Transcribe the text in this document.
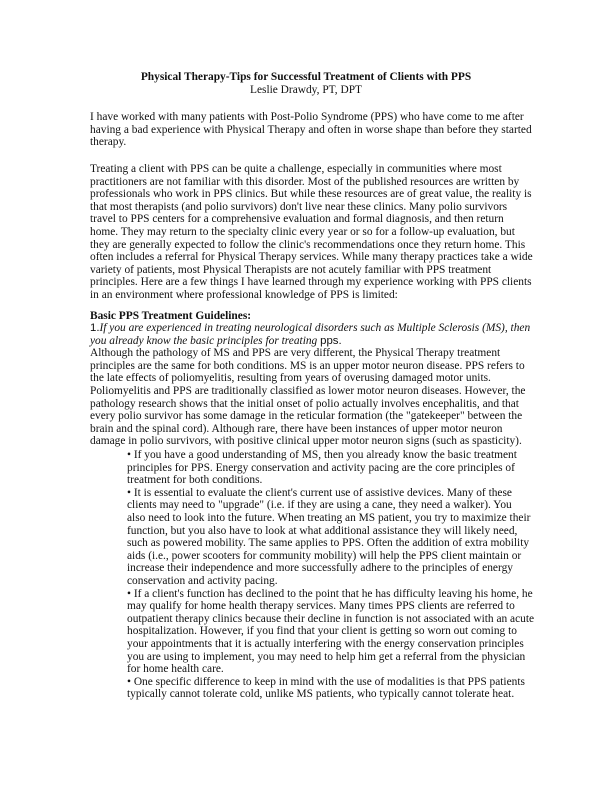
Physical Therapy-Tips for Successful Treatment of Clients with PPS
Leslie Drawdy, PT, DPT
I have worked with many patients with Post-Polio Syndrome (PPS) who have come to me after
having a bad experience with Physical Therapy and often in worse shape than before they started
therapy.
Treating a client with PPS can be quite a challenge, especially in communities where most
practitioners are not familiar with this disorder. Most of the published resources are written by
professionals who work in PPS clinics. But while these resources are of great value, the reality is
that most therapists (and polio survivors) don't live near these clinics. Many polio survivors
travel to PPS centers for a comprehensive evaluation and formal diagnosis, and then return
home. They may return to the specialty clinic every year or so for a follow-up evaluation, but
they are generally expected to follow the clinic's recommendations once they return home. This
often includes a referral for Physical Therapy services. While many therapy practices take a wide
variety of patients, most Physical Therapists are not acutely familiar with PPS treatment
principles. Here are a few things I have learned through my experience working with PPS clients
in an environment where professional knowledge of PPS is limited:
Basic PPS Treatment Guidelines:
1.If you are experienced in treating neurological disorders such as Multiple Sclerosis (MS), then
you already know the basic principles for treating pps.
Although the pathology of MS and PPS are very different, the Physical Therapy treatment
principles are the same for both conditions. MS is an upper motor neuron disease. PPS refers to
the late effects of poliomyelitis, resulting from years of overusing damaged motor units.
Poliomyelitis and PPS are traditionally classified as lower motor neuron diseases. However, the
pathology research shows that the initial onset of polio actually involves encephalitis, and that
every polio survivor has some damage in the reticular formation (the "gatekeeper" between the
brain and the spinal cord). Although rare, there have been instances of upper motor neuron
damage in polio survivors, with positive clinical upper motor neuron signs (such as spasticity).
• If you have a good understanding of MS, then you already know the basic treatment
principles for PPS. Energy conservation and activity pacing are the core principles of
treatment for both conditions.
• It is essential to evaluate the client's current use of assistive devices. Many of these
clients may need to "upgrade" (i.e. if they are using a cane, they need a walker). You
also need to look into the future. When treating an MS patient, you try to maximize their
function, but you also have to look at what additional assistance they will likely need,
such as powered mobility. The same applies to PPS. Often the addition of extra mobility
aids (i.e., power scooters for community mobility) will help the PPS client maintain or
increase their independence and more successfully adhere to the principles of energy
conservation and activity pacing.
• If a client's function has declined to the point that he has difficulty leaving his home, he
may qualify for home health therapy services. Many times PPS clients are referred to
outpatient therapy clinics because their decline in function is not associated with an acute
hospitalization. However, if you find that your client is getting so worn out coming to
your appointments that it is actually interfering with the energy conservation principles
you are using to implement, you may need to help him get a referral from the physician
for home health care.
• One specific difference to keep in mind with the use of modalities is that PPS patients
typically cannot tolerate cold, unlike MS patients, who typically cannot tolerate heat.
